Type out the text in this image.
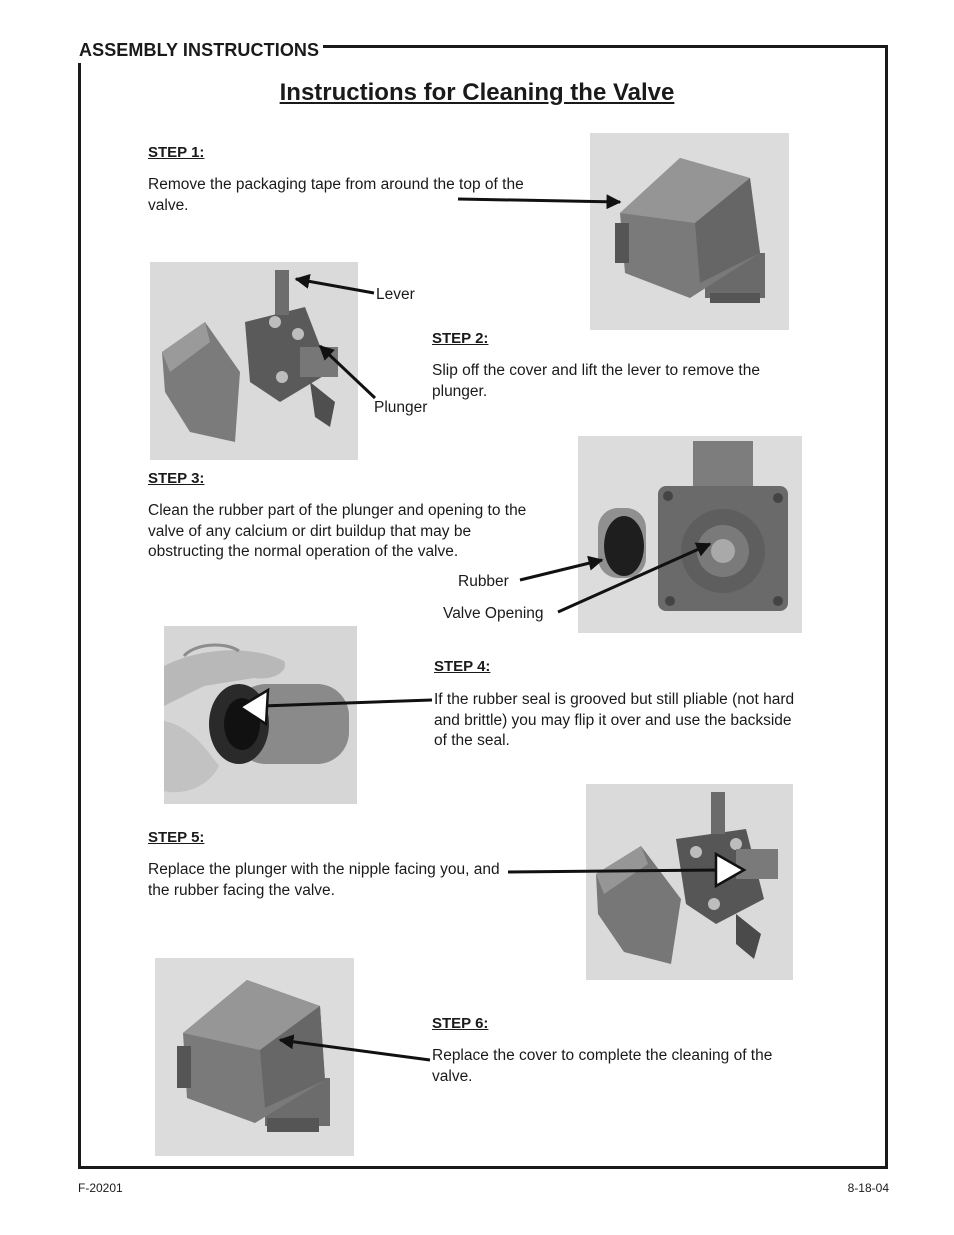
ASSEMBLY INSTRUCTIONS
Instructions for Cleaning the Valve
STEP 1:
Remove the packaging tape from around the top of the valve.
Lever
Plunger
STEP 2:
Slip off the cover and lift the lever to remove the plunger.
STEP 3:
Clean the rubber part of the plunger and opening to the valve of any calcium or dirt buildup that may be obstructing the normal operation of the valve.
Rubber
Valve Opening
STEP 4:
If the rubber seal is grooved but still pliable (not hard and brittle) you may flip it over and use the backside of the seal.
STEP 5:
Replace the plunger with the nipple facing you, and the rubber facing the valve.
STEP 6:
Replace the cover to complete the cleaning of the valve.
F-20201	8-18-04
